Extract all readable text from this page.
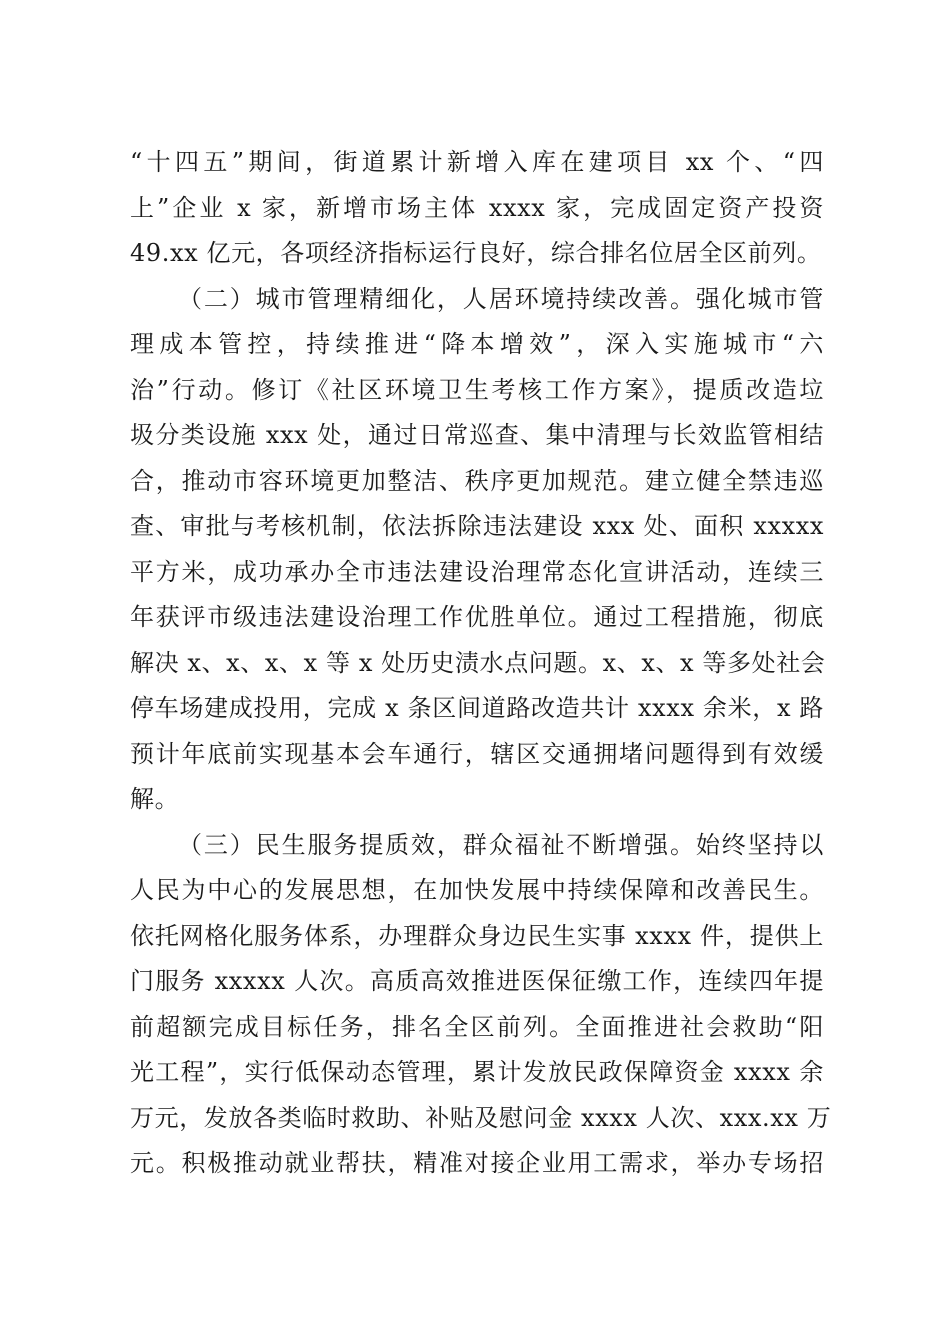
“十四五”期间，街道累计新增入库在建项目 xx 个、“四
上”企业 x 家，新增市场主体 xxxx 家，完成固定资产投资
49.xx 亿元，各项经济指标运行良好，综合排名位居全区前列。
（二）城市管理精细化，人居环境持续改善。强化城市管
理成本管控，持续推进“降本增效”，深入实施城市“六
治”行动。修订《社区环境卫生考核工作方案》，提质改造垃
圾分类设施 xxx 处，通过日常巡查、集中清理与长效监管相结
合，推动市容环境更加整洁、秩序更加规范。建立健全禁违巡
查、审批与考核机制，依法拆除违法建设 xxx 处、面积 xxxxx
平方米，成功承办全市违法建设治理常态化宣讲活动，连续三
年获评市级违法建设治理工作优胜单位。通过工程措施，彻底
解决 x、x、x、x 等 x 处历史渍水点问题。x、x、x 等多处社会
停车场建成投用，完成 x 条区间道路改造共计 xxxx 余米，x 路
预计年底前实现基本会车通行，辖区交通拥堵问题得到有效缓
解。
（三）民生服务提质效，群众福祉不断增强。始终坚持以
人民为中心的发展思想，在加快发展中持续保障和改善民生。
依托网格化服务体系，办理群众身边民生实事 xxxx 件，提供上
门服务 xxxxx 人次。高质高效推进医保征缴工作，连续四年提
前超额完成目标任务，排名全区前列。全面推进社会救助“阳
光工程”，实行低保动态管理，累计发放民政保障资金 xxxx 余
万元，发放各类临时救助、补贴及慰问金 xxxx 人次、xxx.xx 万
元。积极推动就业帮扶，精准对接企业用工需求，举办专场招
